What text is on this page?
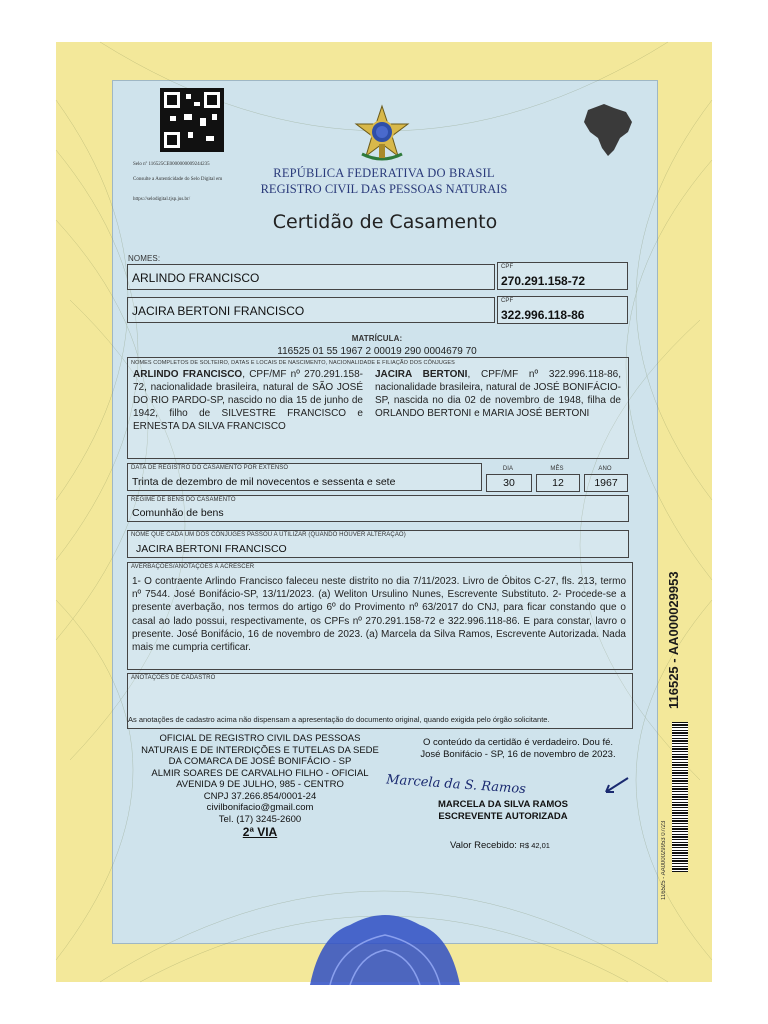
Selo nº 116525CE0000000009244235
Consulte a Autenticidade do Selo Digital em
https://selodigital.tjsp.jus.br/
REPÚBLICA FEDERATIVA DO BRASIL
REGISTRO CIVIL DAS PESSOAS NATURAIS
Certidão de Casamento
NOMES:
ARLINDO FRANCISCO
CPF
270.291.158-72
JACIRA BERTONI FRANCISCO
CPF
322.996.118-86
MATRÍCULA:
116525 01 55 1967 2 00019 290 0004679 70
NOMES COMPLETOS DE SOLTEIRO, DATAS E LOCAIS DE NASCIMENTO, NACIONALIDADE E FILIAÇÃO DOS CÔNJUGES
ARLINDO FRANCISCO, CPF/MF nº 270.291.158-72, nacionalidade brasileira, natural de SÃO JOSÉ DO RIO PARDO-SP, nascido no dia 15 de junho de 1942, filho de SILVESTRE FRANCISCO e ERNESTA DA SILVA FRANCISCO
JACIRA BERTONI, CPF/MF nº 322.996.118-86, nacionalidade brasileira, natural de JOSÉ BONIFÁCIO-SP, nascida no dia 02 de novembro de 1948, filha de ORLANDO BERTONI e MARIA JOSÉ BERTONI
DATA DE REGISTRO DO CASAMENTO POR EXTENSO
Trinta de dezembro de mil novecentos e sessenta e sete
DIA
30
MÊS
12
ANO
1967
REGIME DE BENS DO CASAMENTO
Comunhão de bens
NOME QUE CADA UM DOS CÔNJUGES PASSOU A UTILIZAR (QUANDO HOUVER ALTERAÇÃO)
JACIRA BERTONI FRANCISCO
AVERBAÇÕES/ANOTAÇÕES À ACRESCER
1- O contraente Arlindo Francisco faleceu neste distrito no dia 7/11/2023. Livro de Óbitos C-27, fls. 213, termo nº 7544. José Bonifácio-SP, 13/11/2023. (a) Weliton Ursulino Nunes, Escrevente Substituto. 2- Procede-se a presente averbação, nos termos do artigo 6º do Provimento nº 63/2017 do CNJ, para ficar constando que o casal ao lado possui, respectivamente, os CPFs nº 270.291.158-72 e 322.996.118-86. E para constar, lavro o presente. José Bonifácio, 16 de novembro de 2023. (a) Marcela da Silva Ramos, Escrevente Autorizada. Nada mais me cumpria certificar.
ANOTAÇÕES DE CADASTRO
As anotações de cadastro acima não dispensam a apresentação do documento original, quando exigida pelo órgão solicitante.
OFICIAL DE REGISTRO CIVIL DAS PESSOAS
NATURAIS E DE INTERDIÇÕES E TUTELAS DA SEDE
DA COMARCA DE JOSÉ BONIFÁCIO - SP
ALMIR SOARES DE CARVALHO FILHO - OFICIAL
AVENIDA 9 DE JULHO, 985 - CENTRO
CNPJ 37.266.854/0001-24
civilbonifacio@gmail.com
Tel. (17) 3245-2600
2ª VIA
O conteúdo da certidão é verdadeiro. Dou fé.
José Bonifácio - SP, 16 de novembro de 2023.
Marcela da S. Ramos
MARCELA DA SILVA RAMOS
ESCREVENTE AUTORIZADA
Valor Recebido: R$ 42,01
116525 - AA000029953
116525 - AA000029953 07/23
